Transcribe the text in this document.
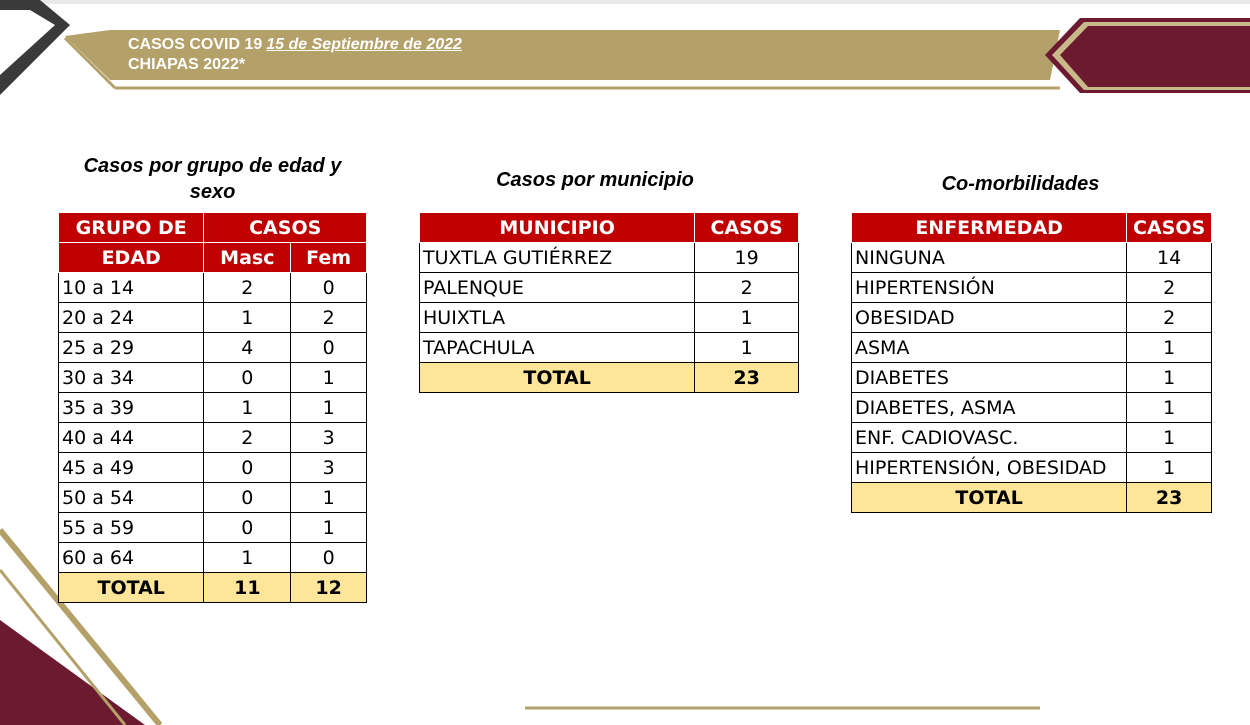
CASOS COVID 19 15 de Septiembre de 2022
CHIAPAS 2022*
Casos por grupo de edad y sexo
GRUPO DE	CASOS	
EDAD	Masc	Fem
10 a 14	2	0
20 a 24	1	2
25 a 29	4	0
30 a 34	0	1
35 a 39	1	1
40 a 44	2	3
45 a 49	0	3
50 a 54	0	1
55 a 59	0	1
60 a 64	1	0
TOTAL	11	12
Casos por municipio
MUNICIPIO	CASOS
TUXTLA GUTIÉRREZ	19
PALENQUE	2
HUIXTLA	1
TAPACHULA	1
TOTAL	23
Co-morbilidades
ENFERMEDAD	CASOS
NINGUNA	14
HIPERTENSIÓN	2
OBESIDAD	2
ASMA	1
DIABETES	1
DIABETES, ASMA	1
ENF. CADIOVASC.	1
HIPERTENSIÓN, OBESIDAD	1
TOTAL	23
